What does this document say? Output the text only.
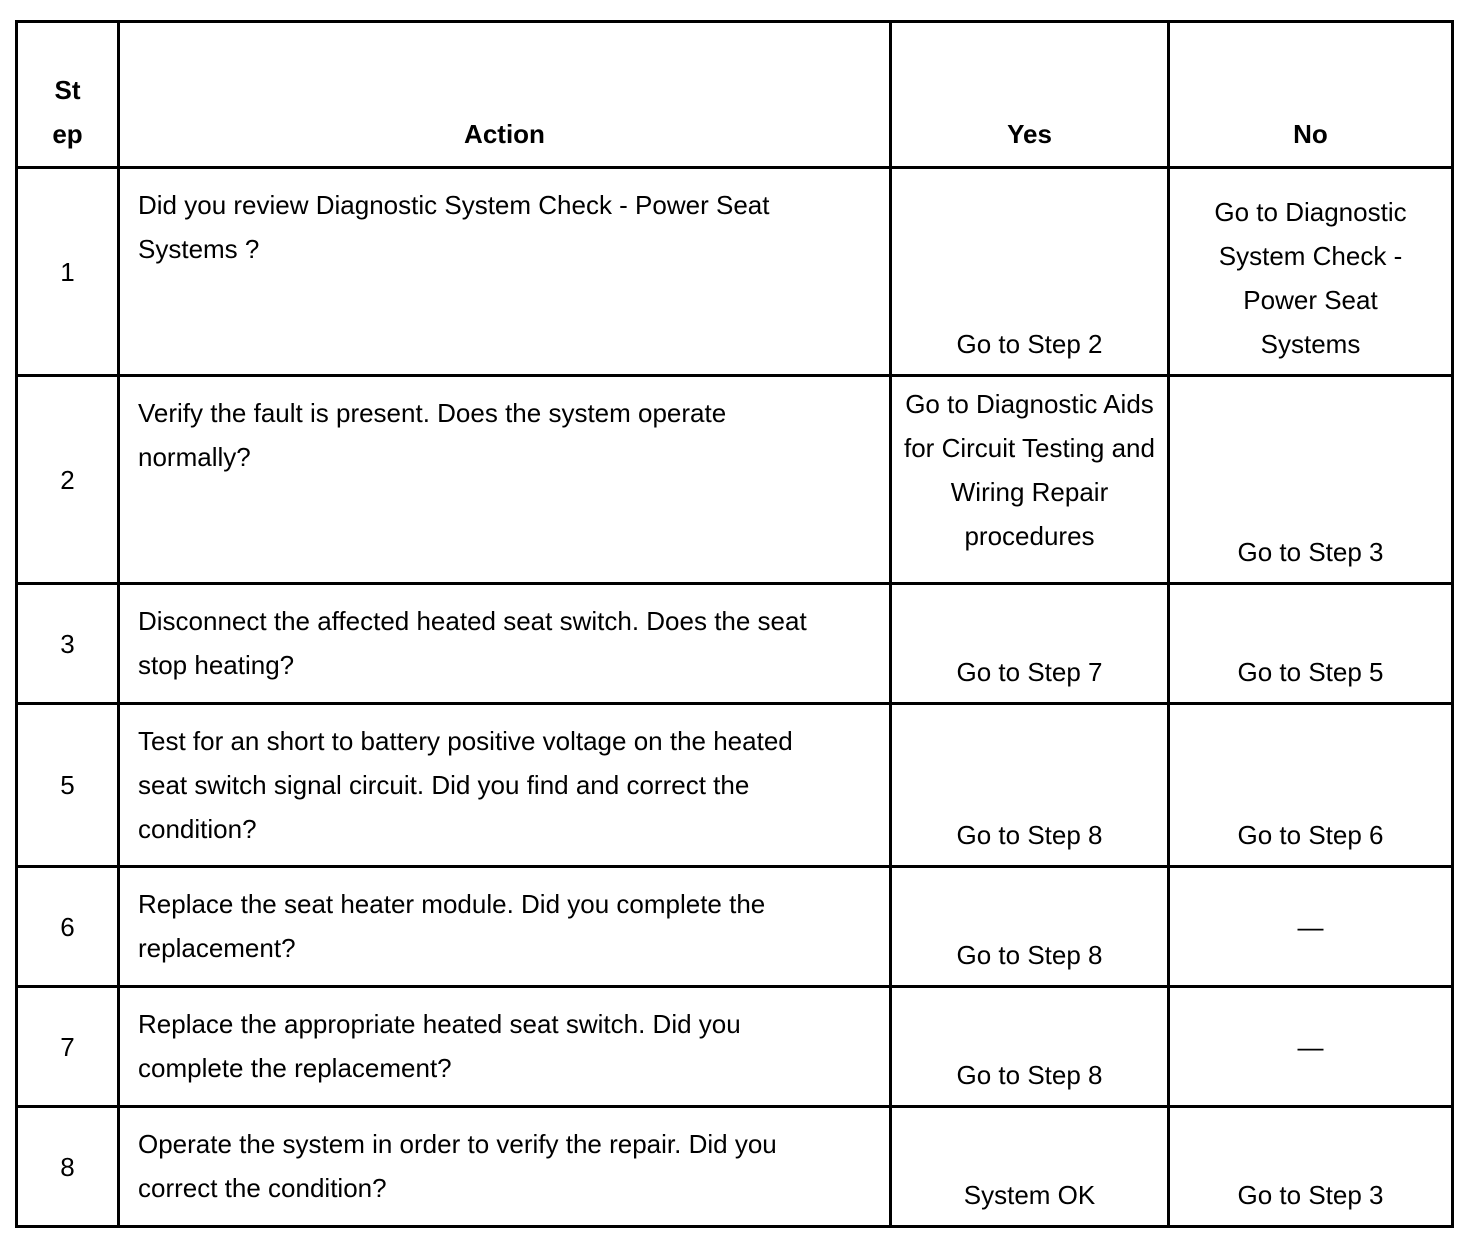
St
ep	Action	Yes	No
1	Did you review Diagnostic System Check - Power Seat Systems ?	Go to Step 2	Go to Diagnostic System Check - Power Seat Systems
2	Verify the fault is present. Does the system operate normally?	Go to Diagnostic Aids for Circuit Testing and Wiring Repair procedures	Go to Step 3
3	Disconnect the affected heated seat switch. Does the seat stop heating?	Go to Step 7	Go to Step 5
5	Test for an short to battery positive voltage on the heated seat switch signal circuit. Did you find and correct the condition?	Go to Step 8	Go to Step 6
6	Replace the seat heater module. Did you complete the replacement?	Go to Step 8	—
7	Replace the appropriate heated seat switch. Did you complete the replacement?	Go to Step 8	—
8	Operate the system in order to verify the repair. Did you correct the condition?	System OK	Go to Step 3
